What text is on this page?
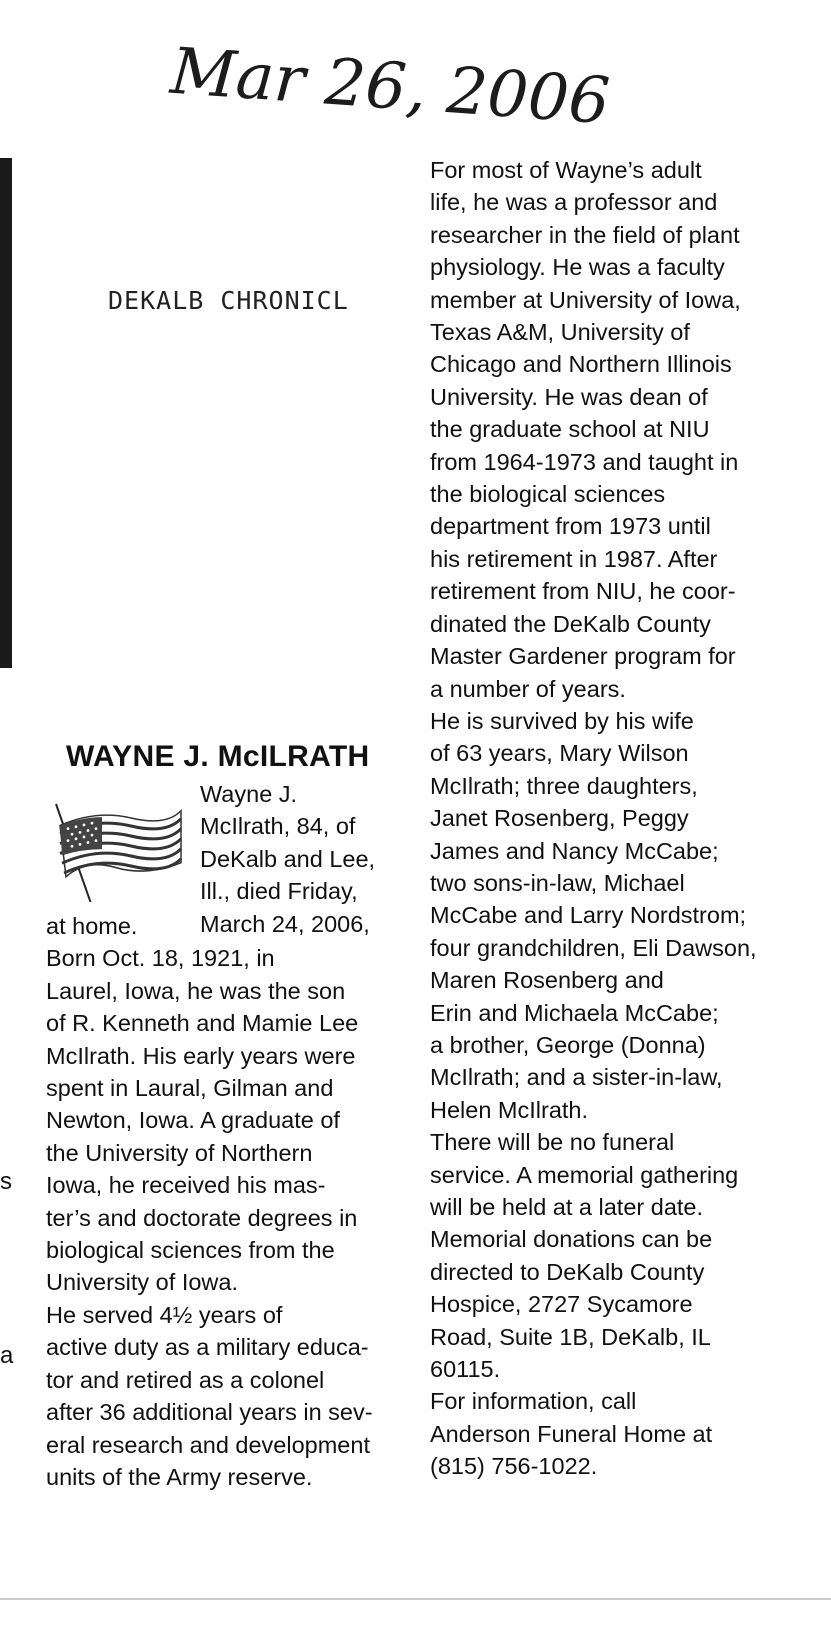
Mar 26, 2006
DEKALB CHRONICL
s
a
WAYNE J. McILRATH

Wayne J.
McIlrath, 84, of
DeKalb and Lee,
Ill., died Friday,
March 24, 2006,

at home.

Born Oct. 18, 1921, in
Laurel, Iowa, he was the son
of R. Kenneth and Mamie Lee
McIlrath. His early years were
spent in Laural, Gilman and
Newton, Iowa. A graduate of
the University of Northern
Iowa, he received his mas-
ter’s and doctorate degrees in
biological sciences from the
University of Iowa.

He served 4½ years of
active duty as a military educa-
tor and retired as a colonel
after 36 additional years in sev-
eral research and development
units of the Army reserve.

For most of Wayne’s adult
life, he was a professor and
researcher in the field of plant
physiology. He was a faculty
member at University of Iowa,
Texas A&M, University of
Chicago and Northern Illinois
University. He was dean of
the graduate school at NIU
from 1964-1973 and taught in
the biological sciences
department from 1973 until
his retirement in 1987. After
retirement from NIU, he coor-
dinated the DeKalb County
Master Gardener program for
a number of years.

He is survived by his wife
of 63 years, Mary Wilson
McIlrath; three daughters,
Janet Rosenberg, Peggy
James and Nancy McCabe;
two sons-in-law, Michael
McCabe and Larry Nordstrom;
four grandchildren, Eli Dawson,
Maren Rosenberg and
Erin and Michaela McCabe;
a brother, George (Donna)
McIlrath; and a sister-in-law,
Helen McIlrath.

There will be no funeral
service. A memorial gathering
will be held at a later date.

Memorial donations can be
directed to DeKalb County
Hospice, 2727 Sycamore
Road, Suite 1B, DeKalb, IL
60115.

For information, call
Anderson Funeral Home at
(815) 756-1022.
